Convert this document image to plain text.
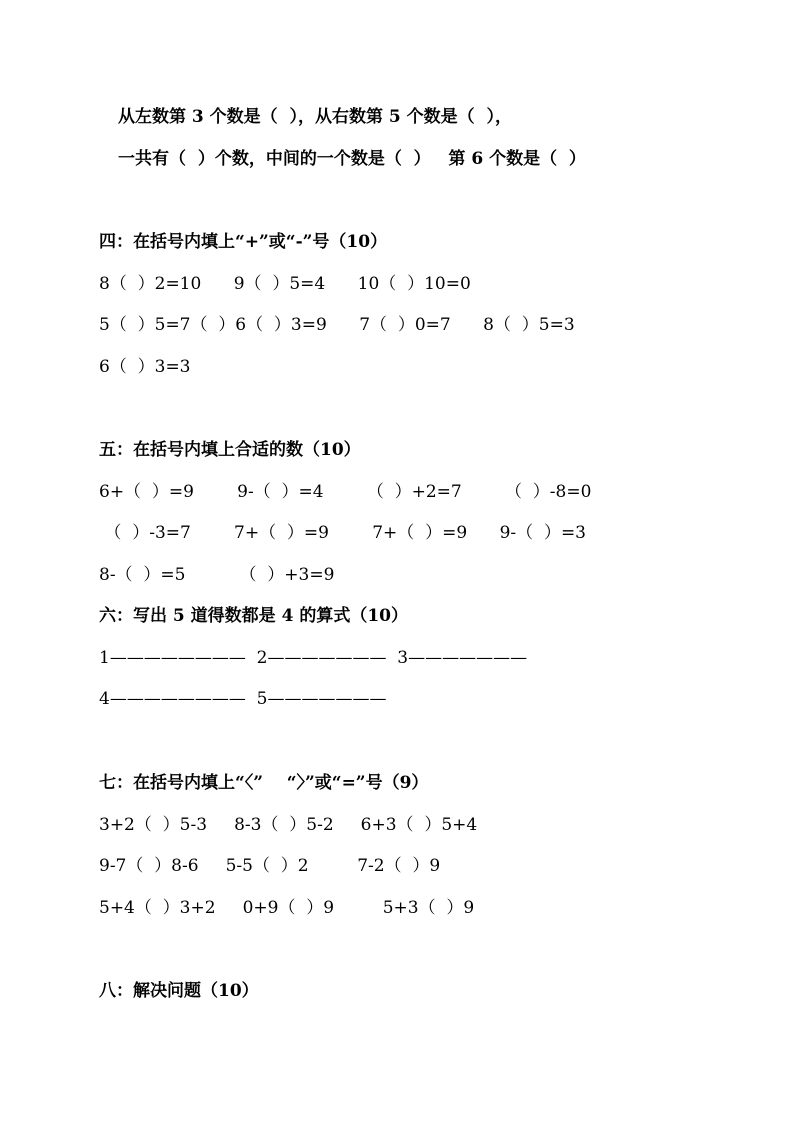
从左数第 3 个数是（  ），从右数第 5 个数是（  ），
一共有（  ）个数，中间的一个数是（  ）   第 6 个数是（  ）
四：在括号内填上“+”或“-”号（10）
8（  ）2=10      9（  ）5=4      10（  ）10=0
5（  ）5=7（  ）6（  ）3=9      7（  ）0=7      8（  ）5=3
6（  ）3=3
五：在括号内填上合适的数（10）
6+（  ）=9        9-（  ）=4        （  ）+2=7        （  ）-8=0
（  ）-3=7        7+（  ）=9        7+（  ）=9      9-（  ）=3
8-（  ）=5          （  ）+3=9
六：写出 5 道得数都是 4 的算式（10）
1————————  2———————  3———————
4————————  5———————
七：在括号内填上“〈”    “〉”或“=”号（9）
3+2（  ）5-3     8-3（  ）5-2     6+3（  ）5+4
9-7（  ）8-6     5-5（  ）2         7-2（  ）9
5+4（  ）3+2     0+9（  ）9         5+3（  ）9
八：解决问题（10）
